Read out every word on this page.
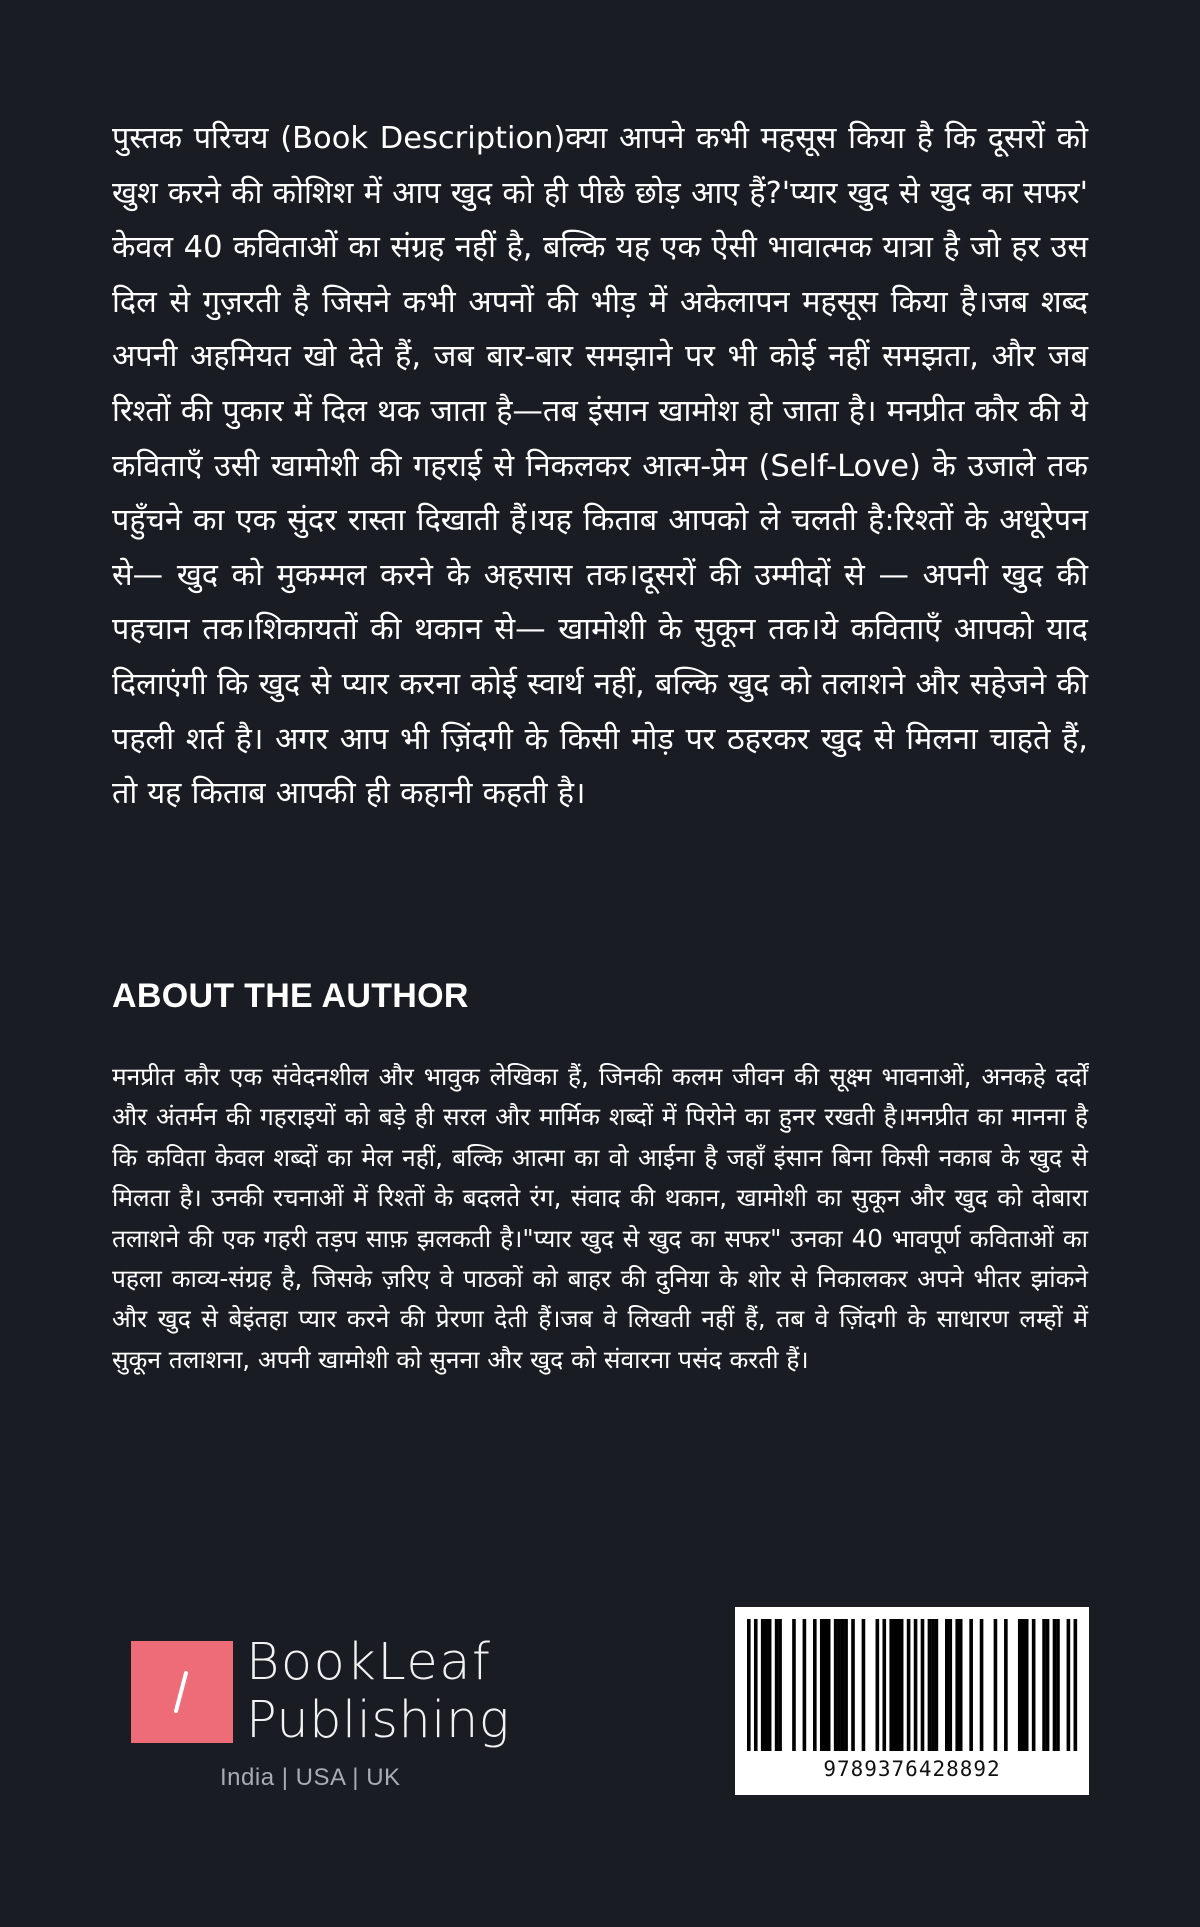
पुस्तक परिचय (Book Description)क्या आपने कभी महसूस किया है कि दूसरों को खुश करने की कोशिश में आप खुद को ही पीछे छोड़ आए हैं?'प्यार खुद से खुद का सफर' केवल 40 कविताओं का संग्रह नहीं है, बल्कि यह एक ऐसी भावात्मक यात्रा है जो हर उस दिल से गुज़रती है जिसने कभी अपनों की भीड़ में अकेलापन महसूस किया है।जब शब्द अपनी अहमियत खो देते हैं, जब बार-बार समझाने पर भी कोई नहीं समझता, और जब रिश्तों की पुकार में दिल थक जाता है—तब इंसान खामोश हो जाता है। मनप्रीत कौर की ये कविताएँ उसी खामोशी की गहराई से निकलकर आत्म-प्रेम (Self-Love) के उजाले तक पहुँचने का एक सुंदर रास्ता दिखाती हैं।यह किताब आपको ले चलती है:रिश्तों के अधूरेपन से— खुद को मुकम्मल करने के अहसास तक।दूसरों की उम्मीदों से — अपनी खुद की पहचान तक।शिकायतों की थकान से— खामोशी के सुकून तक।ये कविताएँ आपको याद दिलाएंगी कि खुद से प्यार करना कोई स्वार्थ नहीं, बल्कि खुद को तलाशने और सहेजने की पहली शर्त है। अगर आप भी ज़िंदगी के किसी मोड़ पर ठहरकर खुद से मिलना चाहते हैं, तो यह किताब आपकी ही कहानी कहती है।
ABOUT THE AUTHOR
मनप्रीत कौर एक संवेदनशील और भावुक लेखिका हैं, जिनकी कलम जीवन की सूक्ष्म भावनाओं, अनकहे दर्दों और अंतर्मन की गहराइयों को बड़े ही सरल और मार्मिक शब्दों में पिरोने का हुनर रखती है।मनप्रीत का मानना है कि कविता केवल शब्दों का मेल नहीं, बल्कि आत्मा का वो आईना है जहाँ इंसान बिना किसी नकाब के खुद से मिलता है। उनकी रचनाओं में रिश्तों के बदलते रंग, संवाद की थकान, खामोशी का सुकून और खुद को दोबारा तलाशने की एक गहरी तड़प साफ़ झलकती है।"प्यार खुद से खुद का सफर" उनका 40 भावपूर्ण कविताओं का पहला काव्य-संग्रह है, जिसके ज़रिए वे पाठकों को बाहर की दुनिया के शोर से निकालकर अपने भीतर झांकने और खुद से बेइंतहा प्यार करने की प्रेरणा देती हैं।जब वे लिखती नहीं हैं, तब वे ज़िंदगी के साधारण लम्हों में सुकून तलाशना, अपनी खामोशी को सुनना और खुद को संवारना पसंद करती हैं।
BookLeaf
Publishing
India | USA | UK	9789376428892
